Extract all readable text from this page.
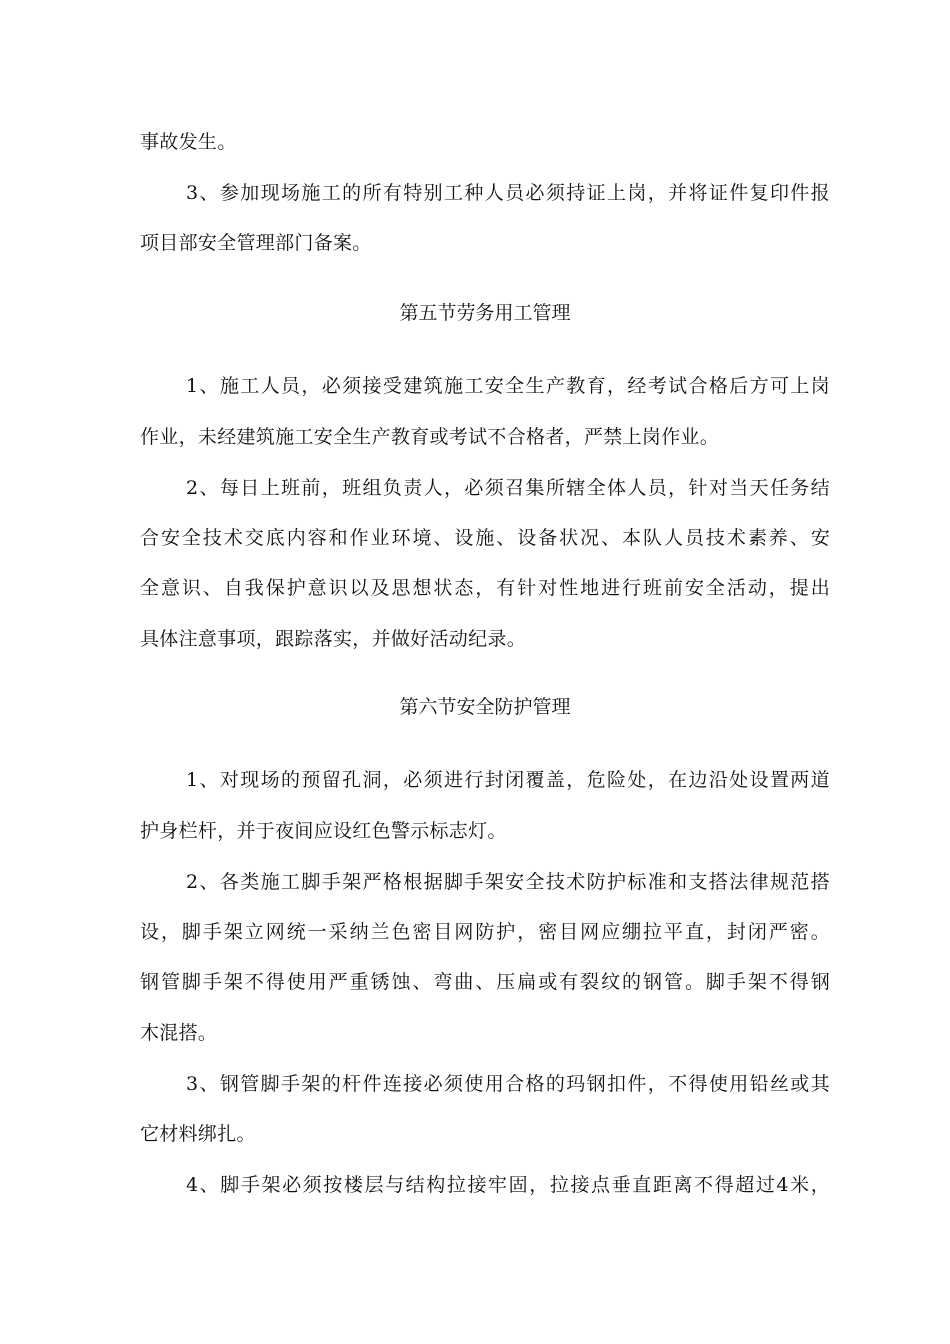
事故发生。
3、参加现场施工的所有特别工种人员必须持证上岗，并将证件复印件报
项目部安全管理部门备案。
第五节劳务用工管理
1、施工人员，必须接受建筑施工安全生产教育，经考试合格后方可上岗
作业，未经建筑施工安全生产教育或考试不合格者，严禁上岗作业。
2、每日上班前，班组负责人，必须召集所辖全体人员，针对当天任务结
合安全技术交底内容和作业环境、设施、设备状况、本队人员技术素养、安
全意识、自我保护意识以及思想状态，有针对性地进行班前安全活动，提出
具体注意事项，跟踪落实，并做好活动纪录。
第六节安全防护管理
1、对现场的预留孔洞，必须进行封闭覆盖，危险处，在边沿处设置两道
护身栏杆，并于夜间应设红色警示标志灯。
2、各类施工脚手架严格根据脚手架安全技术防护标准和支搭法律规范搭
设，脚手架立网统一采纳兰色密目网防护，密目网应绷拉平直，封闭严密。
钢管脚手架不得使用严重锈蚀、弯曲、压扁或有裂纹的钢管。脚手架不得钢
木混搭。
3、钢管脚手架的杆件连接必须使用合格的玛钢扣件，不得使用铅丝或其
它材料绑扎。
4、脚手架必须按楼层与结构拉接牢固，拉接点垂直距离不得超过4米，
